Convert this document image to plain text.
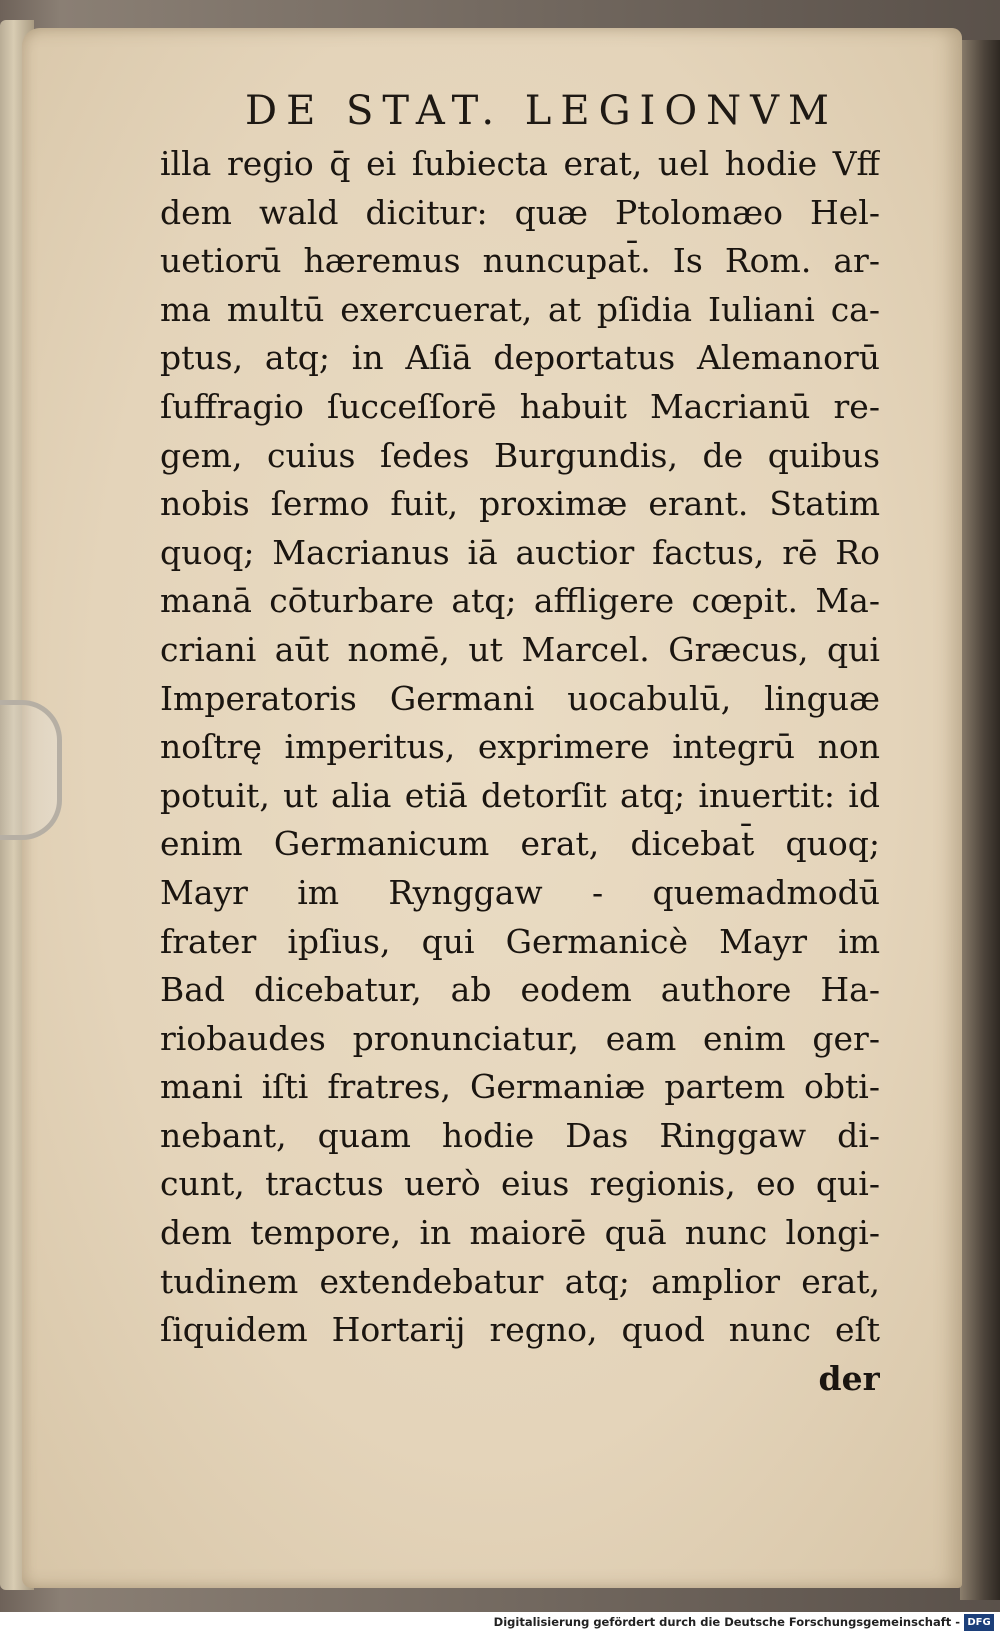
DE STAT. LEGIONVM
illa regio q̄ ei ſubiecta erat, uel hodie Vff
dem wald dicitur: quæ Ptolomæo Hel-
uetiorū hæremus nuncupat̄. Is Rom. ar-
ma multū exercuerat, at pſidia Iuliani ca-
ptus, atq; in Aſiā deportatus Alemanorū
ſuffragio ſucceſſorē habuit Macrianū re-
gem, cuius ſedes Burgundis, de quibus
nobis ſermo fuit, proximæ erant. Statim
quoq; Macrianus iā auctior factus, rē Ro
manā cōturbare atq; affligere cœpit. Ma-
criani aūt nomē, ut Marcel. Græcus, qui
Imperatoris Germani uocabulū, linguæ
noſtrę imperitus, exprimere integrū non
potuit, ut alia etiā detorſit atq; inuertit: id
enim Germanicum erat, dicebat̄ quoq;
Mayr im Rynggaw - quemadmodū
frater ipſius, qui Germanicè Mayr im
Bad dicebatur, ab eodem authore Ha-
riobaudes pronunciatur, eam enim ger-
mani iſti fratres, Germaniæ partem obti-
nebant, quam hodie Das Ringgaw di-
cunt, tractus uerò eius regionis, eo qui-
dem tempore, in maiorē quā nunc longi-
tudinem extendebatur atq; amplior erat,
ſiquidem Hortarij regno, quod nunc eſt
der
Digitalisierung gefördert durch die Deutsche Forschungsgemeinschaft - DFG
